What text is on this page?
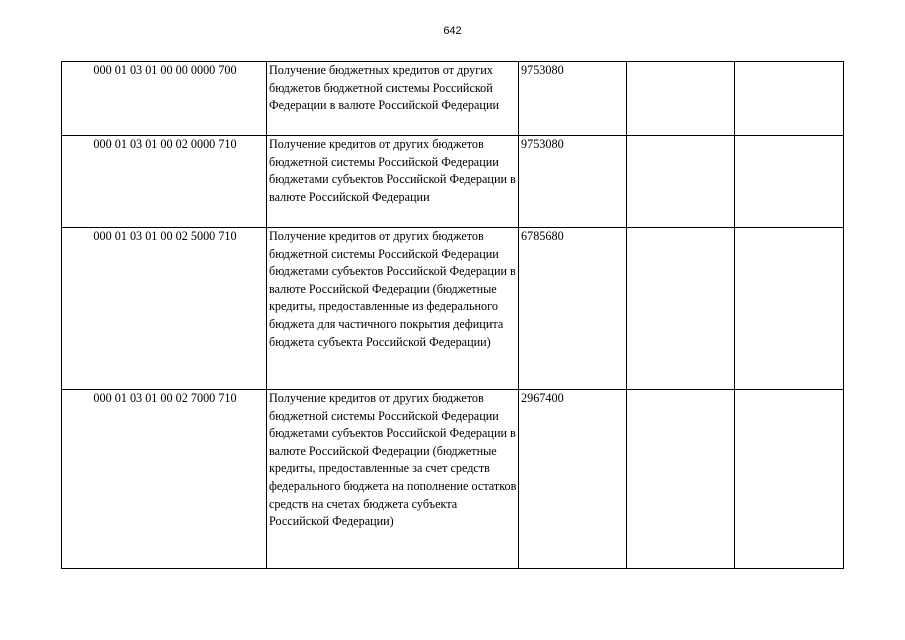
642
000 01 03 01 00 00 0000 700	Получение бюджетных кредитов от других бюджетов бюджетной системы Российской Федерации в валюте Российской Федерации	9753080		
000 01 03 01 00 02 0000 710	Получение кредитов от других бюджетов бюджетной системы Российской Федерации бюджетами субъектов Российской Федерации в валюте Российской Федерации	9753080		
000 01 03 01 00 02 5000 710	Получение кредитов от других бюджетов бюджетной системы Российской Федерации бюджетами субъектов Российской Федерации в валюте Российской Федерации (бюджетные кредиты, предоставленные из федерального бюджета для частичного покрытия дефицита бюджета субъекта Российской Федерации)	6785680		
000 01 03 01 00 02 7000 710	Получение кредитов от других бюджетов бюджетной системы Российской Федерации бюджетами субъектов Российской Федерации в валюте Российской Федерации (бюджетные кредиты, предоставленные за счет средств федерального бюджета на пополнение остатков средств на счетах бюджета субъекта Российской Федерации)	2967400		
